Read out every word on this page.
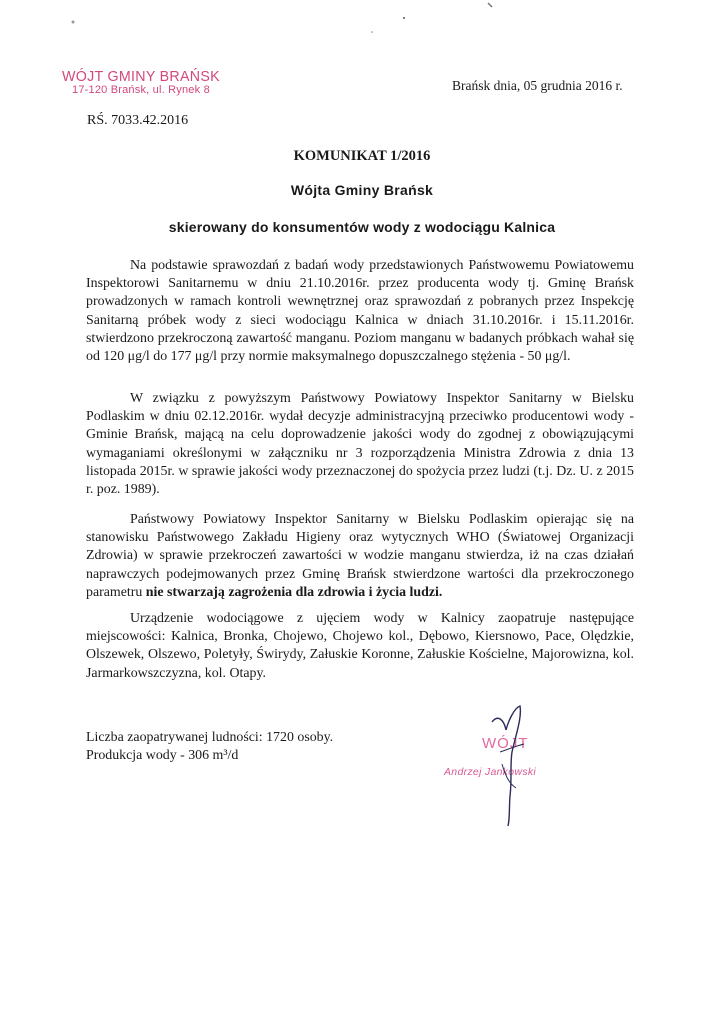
WÓJT GMINY BRAŃSK
17-120 Brańsk, ul. Rynek 8	Brańsk dnia, 05 grudnia 2016 r.
RŚ. 7033.42.2016
KOMUNIKAT 1/2016
Wójta Gminy Brańsk
skierowany do konsumentów wody z wodociągu Kalnica

Na podstawie sprawozdań z badań wody przedstawionych Państwowemu Powiatowemu Inspektorowi Sanitarnemu w dniu 21.10.2016r. przez producenta wody tj. Gminę Brańsk prowadzonych w ramach kontroli wewnętrznej oraz sprawozdań z pobranych przez Inspekcję Sanitarną próbek wody z sieci wodociągu Kalnica w dniach 31.10.2016r. i 15.11.2016r. stwierdzono przekroczoną zawartość manganu. Poziom manganu w badanych próbkach wahał się od 120 μg/l do 177 μg/l przy normie maksymalnego dopuszczalnego stężenia - 50 μg/l.

W związku z powyższym Państwowy Powiatowy Inspektor Sanitarny w Bielsku Podlaskim w dniu 02.12.2016r. wydał decyzje administracyjną przeciwko producentowi wody - Gminie Brańsk, mającą na celu doprowadzenie jakości wody do zgodnej z obowiązującymi wymaganiami określonymi w załączniku nr 3 rozporządzenia Ministra Zdrowia z dnia 13 listopada 2015r. w sprawie jakości wody przeznaczonej do spożycia przez ludzi (t.j. Dz. U. z 2015 r. poz. 1989).

Państwowy Powiatowy Inspektor Sanitarny w Bielsku Podlaskim opierając się na stanowisku Państwowego Zakładu Higieny oraz wytycznych WHO (Światowej Organizacji Zdrowia) w sprawie przekroczeń zawartości w wodzie manganu stwierdza, iż na czas działań naprawczych podejmowanych przez Gminę Brańsk stwierdzone wartości dla przekroczonego parametru nie stwarzają zagrożenia dla zdrowia i życia ludzi.

Urządzenie wodociągowe z ujęciem wody w Kalnicy zaopatruje następujące miejscowości: Kalnica, Bronka, Chojewo, Chojewo kol., Dębowo, Kiersnowo, Pace, Olędzkie, Olszewek, Olszewo, Poletyły, Świrydy, Załuskie Koronne, Załuskie Kościelne, Majorowizna, kol. Jarmarkowszczyzna, kol. Otapy.

Liczba zaopatrywanej ludności: 1720 osoby.
Produkcja wody - 306 m³/d
WÓJT
Andrzej Jankowski
